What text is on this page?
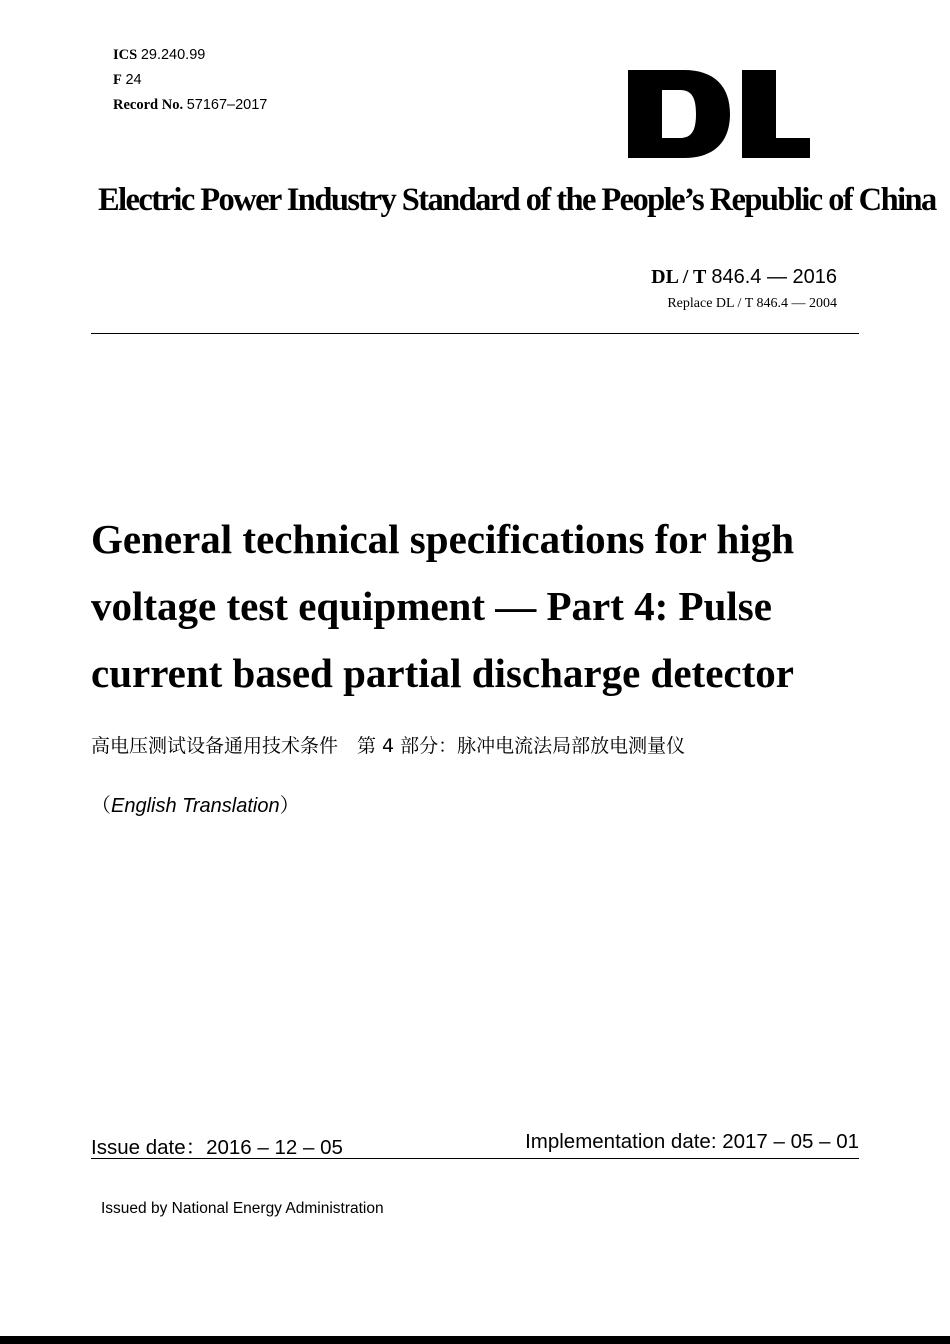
ICS 29.240.99
F 24
Record No. 57167–2017
Electric Power Industry Standard of the People’s Republic of China
DL / T 846.4 — 2016
Replace DL / T 846.4 — 2004
General technical specifications for high
voltage test equipment — Part 4: Pulse
current based partial discharge detector
高电压测试设备通用技术条件　第 4 部分：脉冲电流法局部放电测量仪
（English Translation）
Issue date：2016 – 12 – 05	Implementation date: 2017 – 05 – 01
Issued by National Energy Administration
